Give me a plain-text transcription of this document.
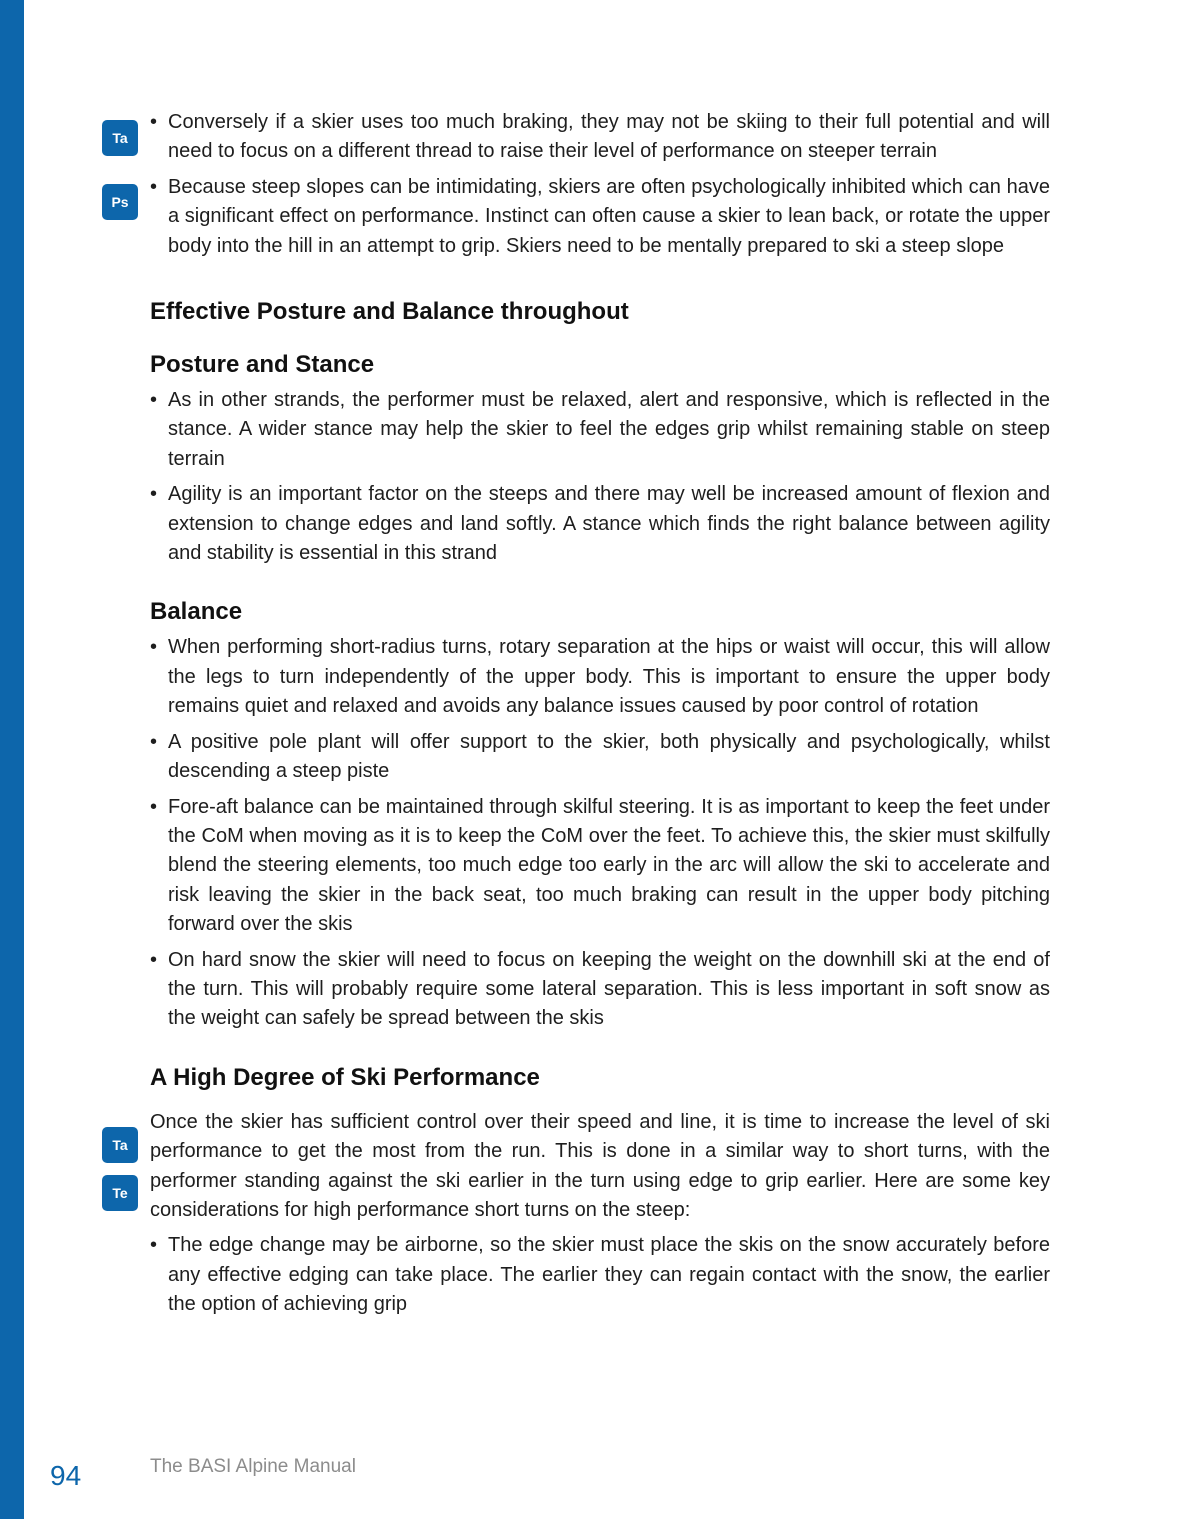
Ta
Ps
Ta
Te
• Conversely if a skier uses too much braking, they may not be skiing to their full potential and will need to focus on a different thread to raise their level of performance on steeper terrain
• Because steep slopes can be intimidating, skiers are often psychologically inhibited which can have a significant effect on performance. Instinct can often cause a skier to lean back, or rotate the upper body into the hill in an attempt to grip. Skiers need to be mentally prepared to ski a steep slope
Effective Posture and Balance throughout
Posture and Stance
• As in other strands, the performer must be relaxed, alert and responsive, which is reflected in the stance. A wider stance may help the skier to feel the edges grip whilst remaining stable on steep terrain
• Agility is an important factor on the steeps and there may well be increased amount of flexion and extension to change edges and land softly. A stance which finds the right balance between agility and stability is essential in this strand
Balance
• When performing short-radius turns, rotary separation at the hips or waist will occur, this will allow the legs to turn independently of the upper body. This is important to ensure the upper body remains quiet and relaxed and avoids any balance issues caused by poor control of rotation
• A positive pole plant will offer support to the skier, both physically and psychologically, whilst descending a steep piste
• Fore-aft balance can be maintained through skilful steering. It is as important to keep the feet under the CoM when moving as it is to keep the CoM over the feet. To achieve this, the skier must skilfully blend the steering elements, too much edge too early in the arc will allow the ski to accelerate and risk leaving the skier in the back seat, too much braking can result in the upper body pitching forward over the skis
• On hard snow the skier will need to focus on keeping the weight on the downhill ski at the end of the turn. This will probably require some lateral separation. This is less important in soft snow as the weight can safely be spread between the skis
A High Degree of Ski Performance
Once the skier has sufficient control over their speed and line, it is time to increase the level of ski performance to get the most from the run. This is done in a similar way to short turns, with the performer standing against the ski earlier in the turn using edge to grip earlier. Here are some key considerations for high performance short turns on the steep:
• The edge change may be airborne, so the skier must place the skis on the snow accurately before any effective edging can take place. The earlier they can regain contact with the snow, the earlier the option of achieving grip
94	The BASI Alpine Manual
